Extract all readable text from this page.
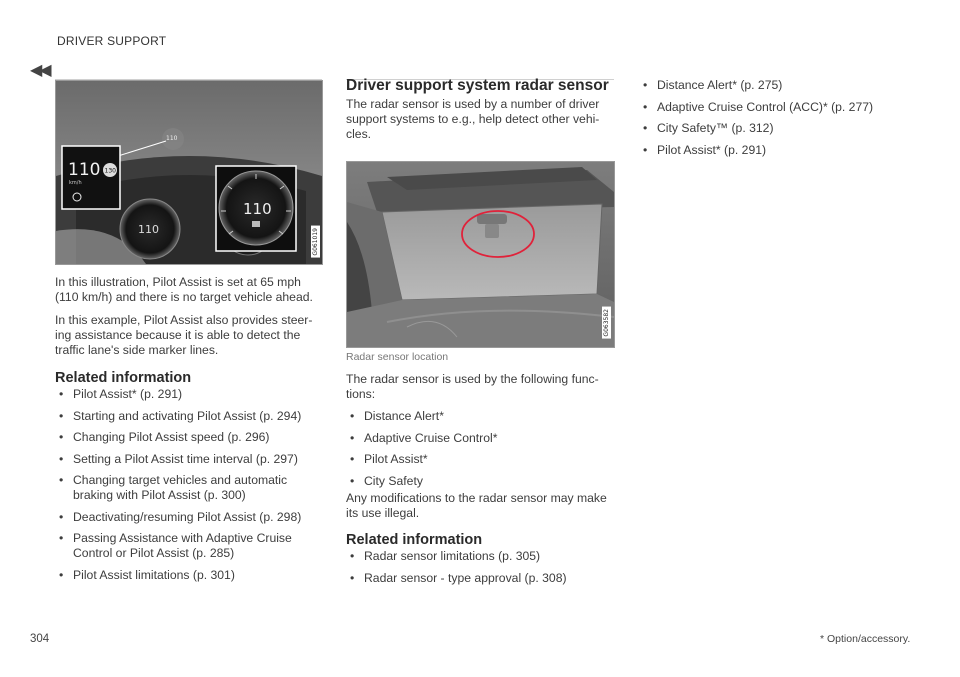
DRIVER SUPPORT
◀◀
110
110
110
km/h
130
110
G061019
In this illustration, Pilot Assist is set at 65 mph (110 km/h) and there is no target vehicle ahead.
In this example, Pilot Assist also provides steer- ing assistance because it is able to detect the traffic lane's side marker lines.
Related information
• Pilot Assist* (p. 291)
• Starting and activating Pilot Assist (p. 294)
• Changing Pilot Assist speed (p. 296)
• Setting a Pilot Assist time interval (p. 297)
• Changing target vehicles and automatic braking with Pilot Assist (p. 300)
• Deactivating/resuming Pilot Assist (p. 298)
• Passing Assistance with Adaptive Cruise Control or Pilot Assist (p. 285)
• Pilot Assist limitations (p. 301)
Driver support system radar sensor
The radar sensor is used by a number of driver support systems to e.g., help detect other vehi- cles.
G063582
Radar sensor location
The radar sensor is used by the following func- tions:
• Distance Alert*
• Adaptive Cruise Control*
• Pilot Assist*
• City Safety
Any modifications to the radar sensor may make its use illegal.
Related information
• Radar sensor limitations (p. 305)
• Radar sensor - type approval (p. 308)
• Distance Alert* (p. 275)
• Adaptive Cruise Control (ACC)* (p. 277)
• City Safety™ (p. 312)
• Pilot Assist* (p. 291)
304	* Option/accessory.
